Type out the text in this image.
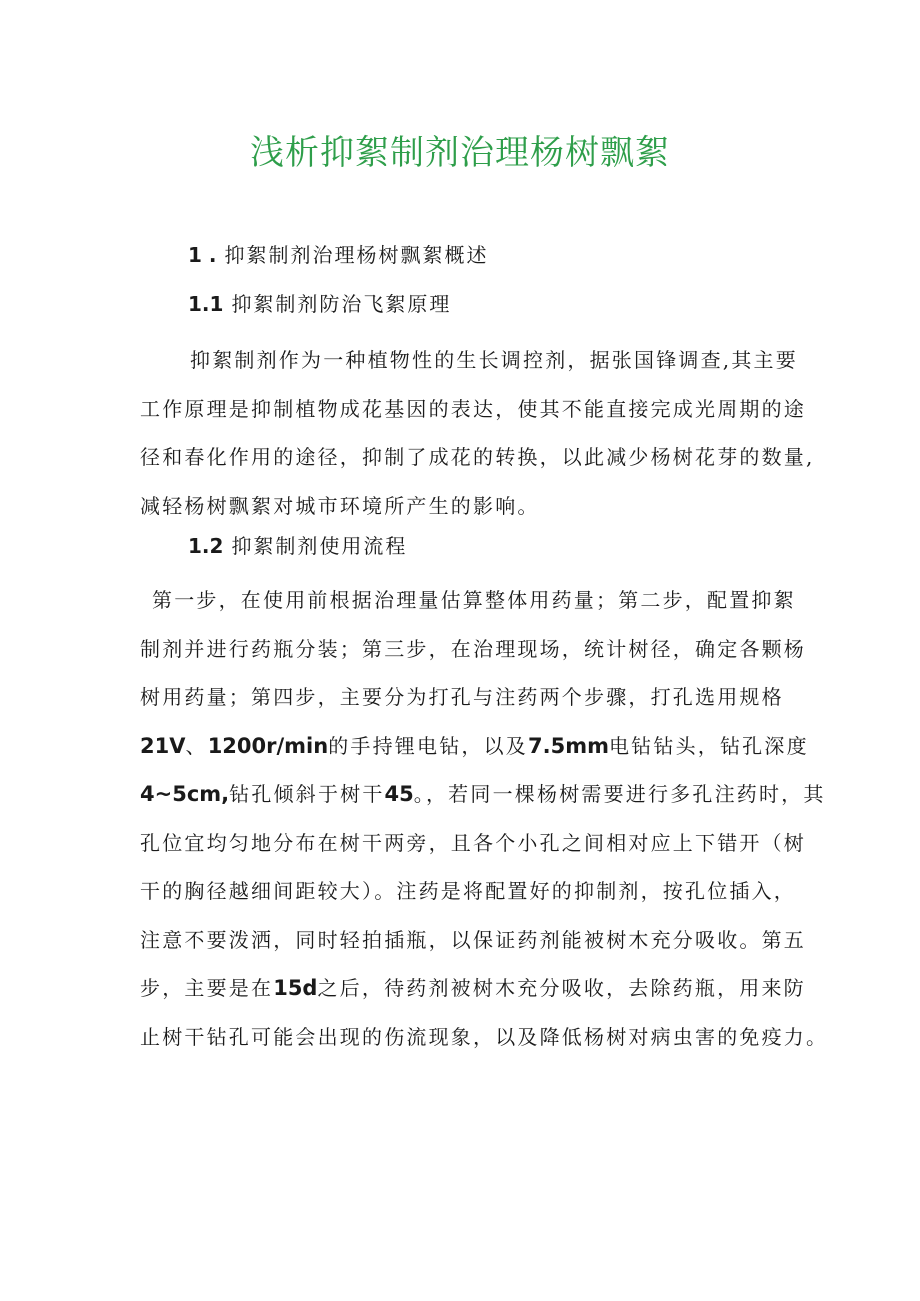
浅析抑絮制剂治理杨树飘絮
1 . 抑絮制剂治理杨树飘絮概述
1.1 抑絮制剂防治飞絮原理
抑絮制剂作为一种植物性的生长调控剂，据张国锋调查,其主要
工作原理是抑制植物成花基因的表达，使其不能直接完成光周期的途
径和春化作用的途径，抑制了成花的转换，以此减少杨树花芽的数量,
减轻杨树飘絮对城市环境所产生的影响。
1.2 抑絮制剂使用流程
第一步，在使用前根据治理量估算整体用药量；第二步，配置抑絮
制剂并进行药瓶分装；第三步，在治理现场，统计树径，确定各颗杨
树用药量；第四步，主要分为打孔与注药两个步骤，打孔选用规格
21V、1200r/min的手持锂电钻，以及7.5mm电钻钻头，钻孔深度
4~5cm,钻孔倾斜于树干45。，若同一棵杨树需要进行多孔注药时，其
孔位宜均匀地分布在树干两旁，且各个小孔之间相对应上下错开（树
干的胸径越细间距较大）。注药是将配置好的抑制剂，按孔位插入，
注意不要泼洒，同时轻拍插瓶，以保证药剂能被树木充分吸收。第五
步，主要是在15d之后，待药剂被树木充分吸收，去除药瓶，用来防
止树干钻孔可能会出现的伤流现象，以及降低杨树对病虫害的免疫力。
